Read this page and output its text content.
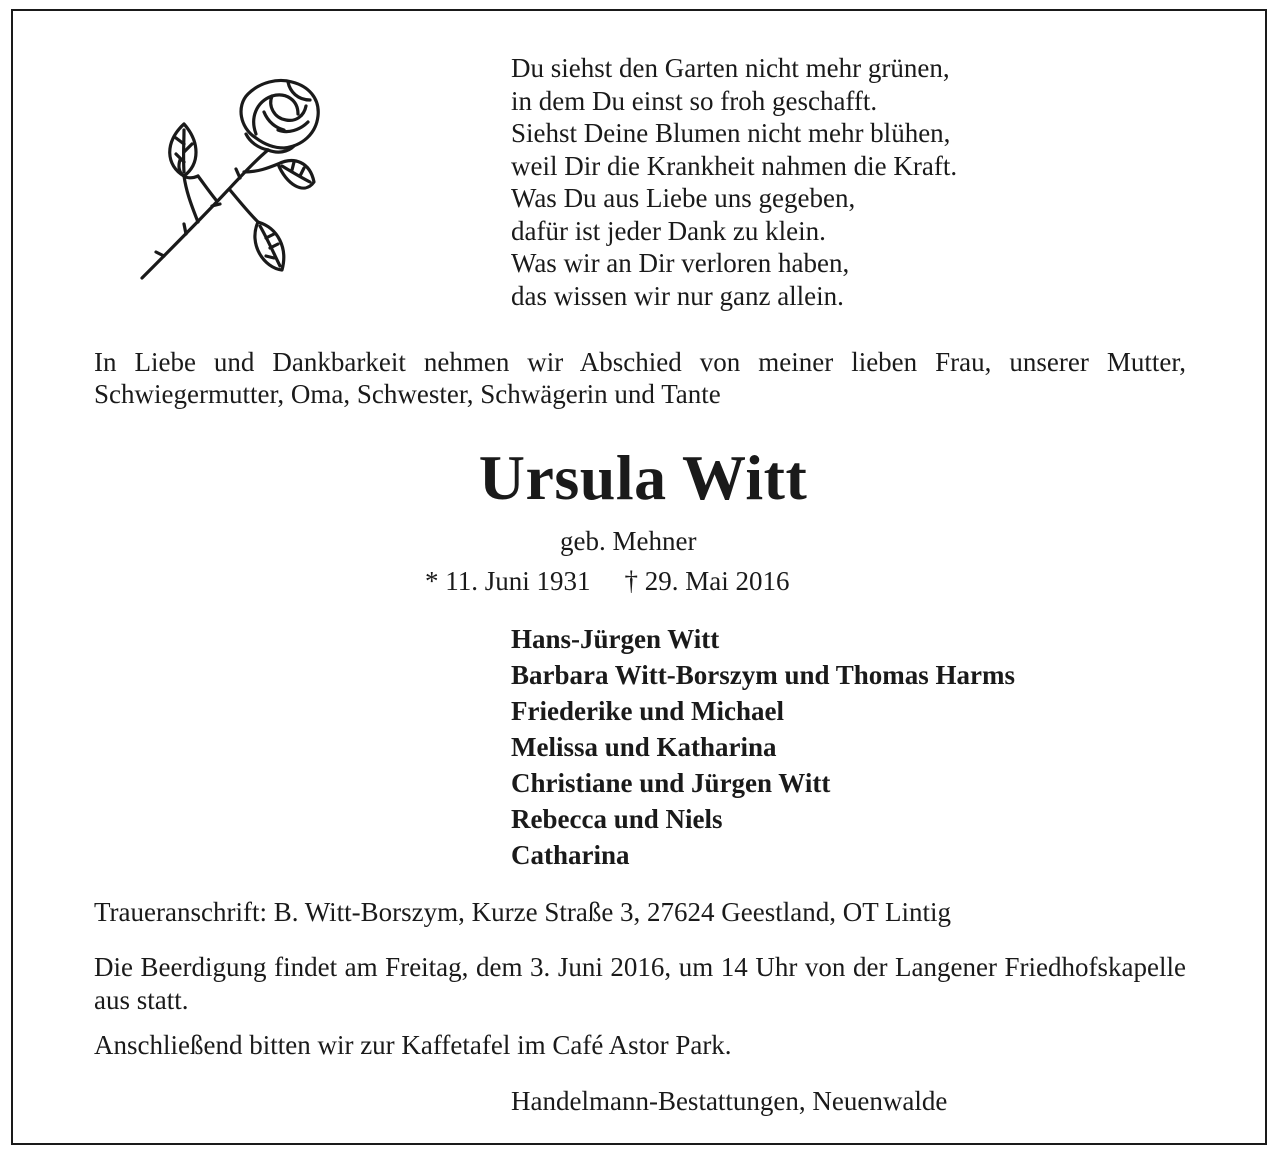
Du siehst den Garten nicht mehr grünen,
in dem Du einst so froh geschafft.
Siehst Deine Blumen nicht mehr blühen,
weil Dir die Krankheit nahmen die Kraft.
Was Du aus Liebe uns gegeben,
dafür ist jeder Dank zu klein.
Was wir an Dir verloren haben,
das wissen wir nur ganz allein.
In Liebe und Dankbarkeit nehmen wir Abschied von meiner lieben Frau, unserer Mutter, Schwiegermutter, Oma, Schwester, Schwägerin und Tante
Ursula Witt
geb. Mehner
* 11. Juni 1931 † 29. Mai 2016
Hans-Jürgen Witt
Barbara Witt-Borszym und Thomas Harms
Friederike und Michael
Melissa und Katharina
Christiane und Jürgen Witt
Rebecca und Niels
Catharina
Traueranschrift: B. Witt-Borszym, Kurze Straße 3, 27624 Geestland, OT Lintig
Die Beerdigung findet am Freitag, dem 3. Juni 2016, um 14 Uhr von der Langener Friedhofskapelle aus statt.
Anschließend bitten wir zur Kaffetafel im Café Astor Park.
Handelmann-Bestattungen, Neuenwalde
